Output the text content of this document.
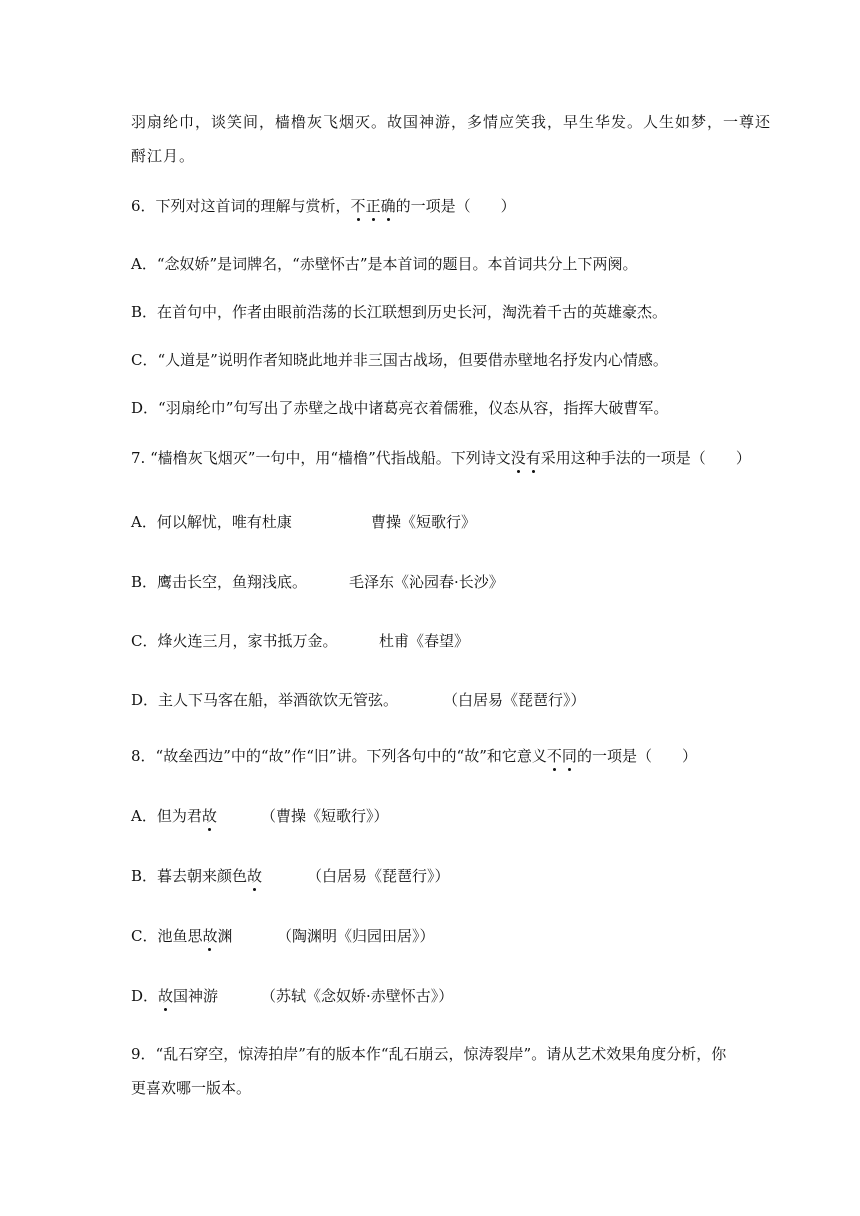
羽扇纶巾，谈笑间，樯橹灰飞烟灭。故国神游，多情应笑我，早生华发。人生如梦，一尊还
酹江月。
6．下列对这首词的理解与赏析，不正确的一项是（ ）
A．“念奴娇”是词牌名，“赤壁怀古”是本首词的题目。本首词共分上下两阕。
B．在首句中，作者由眼前浩荡的长江联想到历史长河，淘洗着千古的英雄豪杰。
C．“人道是”说明作者知晓此地并非三国古战场，但要借赤壁地名抒发内心情感。
D．“羽扇纶巾”句写出了赤壁之战中诸葛亮衣着儒雅，仪态从容，指挥大破曹军。
7. “樯橹灰飞烟灭”一句中，用“樯橹”代指战船。下列诗文没有采用这种手法的一项是（ ）
A．何以解忧，唯有杜康	曹操《短歌行》
B．鹰击长空，鱼翔浅底。	毛泽东《沁园春·长沙》
C．烽火连三月，家书抵万金。	杜甫《春望》
D．主人下马客在船，举酒欲饮无管弦。	（白居易《琵琶行》）
8．“故垒西边”中的“故”作“旧”讲。下列各句中的“故”和它意义不同的一项是（ ）
A．但为君故	（曹操《短歌行》）
B．暮去朝来颜色故	（白居易《琵琶行》）
C．池鱼思故渊	（陶渊明《归园田居》）
D．故国神游	（苏轼《念奴娇·赤壁怀古》）
9．“乱石穿空，惊涛拍岸”有的版本作“乱石崩云，惊涛裂岸”。请从艺术效果角度分析，你
更喜欢哪一版本。
